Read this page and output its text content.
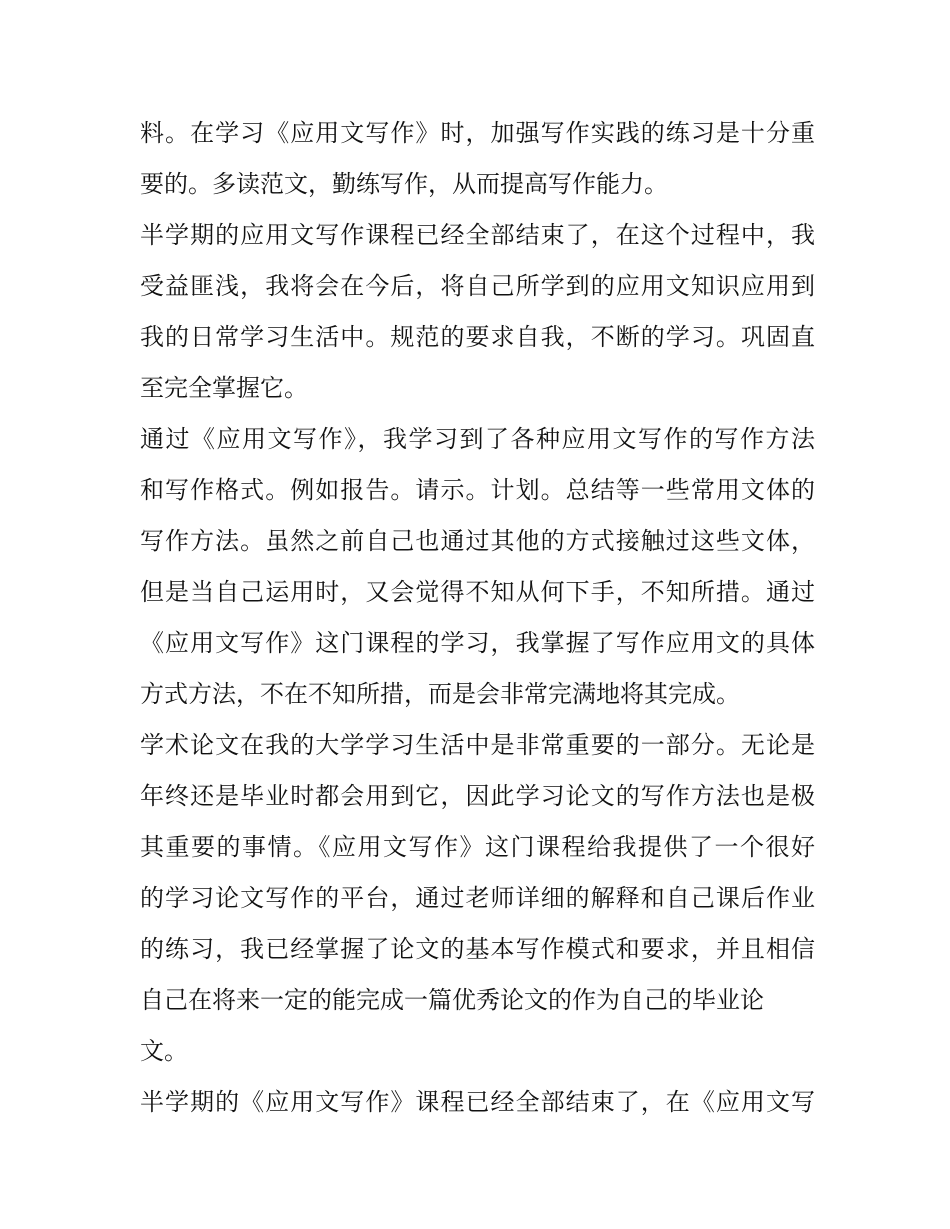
料。在学习《应用文写作》时，加强写作实践的练习是十分重
要的。多读范文，勤练写作，从而提高写作能力。
半学期的应用文写作课程已经全部结束了，在这个过程中，我
受益匪浅，我将会在今后，将自己所学到的应用文知识应用到
我的日常学习生活中。规范的要求自我，不断的学习。巩固直
至完全掌握它。
通过《应用文写作》，我学习到了各种应用文写作的写作方法
和写作格式。例如报告。请示。计划。总结等一些常用文体的
写作方法。虽然之前自己也通过其他的方式接触过这些文体，
但是当自己运用时，又会觉得不知从何下手，不知所措。通过
《应用文写作》这门课程的学习，我掌握了写作应用文的具体
方式方法，不在不知所措，而是会非常完满地将其完成。
学术论文在我的大学学习生活中是非常重要的一部分。无论是
年终还是毕业时都会用到它，因此学习论文的写作方法也是极
其重要的事情。《应用文写作》这门课程给我提供了一个很好
的学习论文写作的平台，通过老师详细的解释和自己课后作业
的练习，我已经掌握了论文的基本写作模式和要求，并且相信
自己在将来一定的能完成一篇优秀论文的作为自己的毕业论
文。
半学期的《应用文写作》课程已经全部结束了，在《应用文写
